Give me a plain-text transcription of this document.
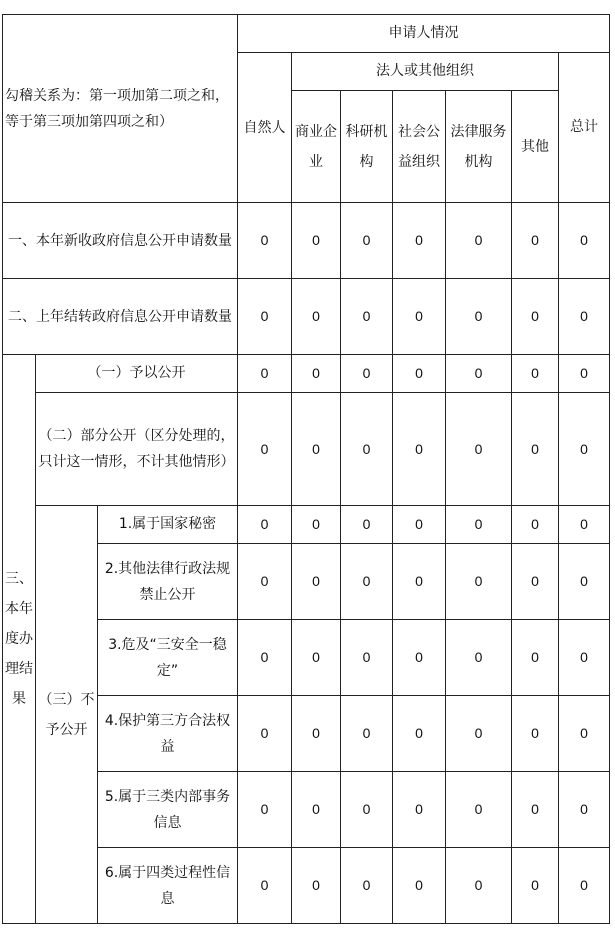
勾稽关系为：第一项加第二项之和，等于第三项加第四项之和）			申请人情况						
			自然人	法人或其他组织					总计
				商业企业	科研机构	社会公益组织	法律服务机构	其他	
一、本年新收政府信息公开申请数量			0	0	0	0	0	0	0
二、上年结转政府信息公开申请数量			0	0	0	0	0	0	0
三、本年度办理结果	（一）予以公开		0	0	0	0	0	0	0
	（二）部分公开（区分处理的，只计这一情形，不计其他情形）		0	0	0	0	0	0	0
	（三）不予公开	1.属于国家秘密	0	0	0	0	0	0	0
		2.其他法律行政法规禁止公开	0	0	0	0	0	0	0
		3.危及“三安全一稳定”	0	0	0	0	0	0	0
		4.保护第三方合法权益	0	0	0	0	0	0	0
		5.属于三类内部事务信息	0	0	0	0	0	0	0
		6.属于四类过程性信息	0	0	0	0	0	0	0
